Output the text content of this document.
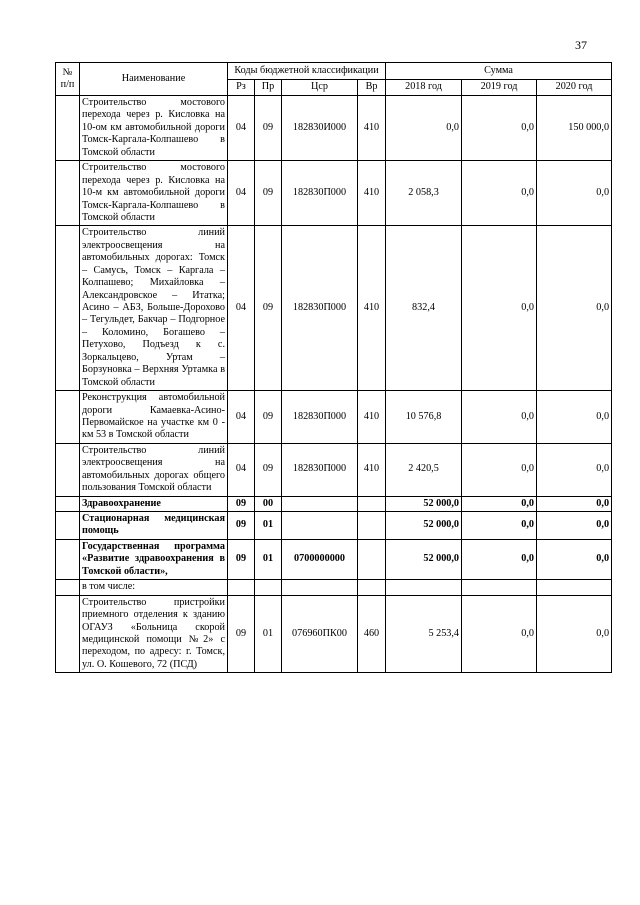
37
№ п/п	Наименование	Коды бюджетной классификации				Сумма		
		Рз	Пр	Цср	Вр	2018 год	2019 год	2020 год
	Строительство мостового перехода через р. Кисловка на 10-ом км автомобильной дороги Томск-Каргала-Колпашево в Томской области	04	09	182830И000	410	0,0	0,0	150 000,0
	Строительство мостового перехода через р. Кисловка на 10-м км автомобильной дороги Томск-Каргала-Колпашево в Томской области	04	09	182830П000	410	2 058,3	0,0	0,0
	Строительство линий электроосвещения на автомобильных дорогах: Томск – Самусь, Томск – Каргала – Колпашево; Михайловка – Александровское – Итатка; Асино – АБЗ, Больше-Дорохово – Тегульдет, Бакчар – Подгорное – Коломино, Богашево – Петухово, Подъезд к с. Зоркальцево, Уртам – Борзуновка – Верхняя Уртамка в Томской области	04	09	182830П000	410	832,4	0,0	0,0
	Реконструкция автомобильной дороги Камаевка-Асино-Первомайское на участке км 0 - км 53 в Томской области	04	09	182830П000	410	10 576,8	0,0	0,0
	Строительство линий электроосвещения на автомобильных дорогах общего пользования Томской области	04	09	182830П000	410	2 420,5	0,0	0,0
	Здравоохранение	09	00			52 000,0	0,0	0,0
	Стационарная медицинская помощь	09	01			52 000,0	0,0	0,0
	Государственная программа «Развитие здравоохранения в Томской области»,	09	01	0700000000		52 000,0	0,0	0,0
	в том числе:							
	Строительство пристройки приемного отделения к зданию ОГАУЗ «Больница скорой медицинской помощи №2» с переходом, по адресу: г. Томск, ул. О. Кошевого, 72 (ПСД)	09	01	076960ПК00	460	5 253,4	0,0	0,0
